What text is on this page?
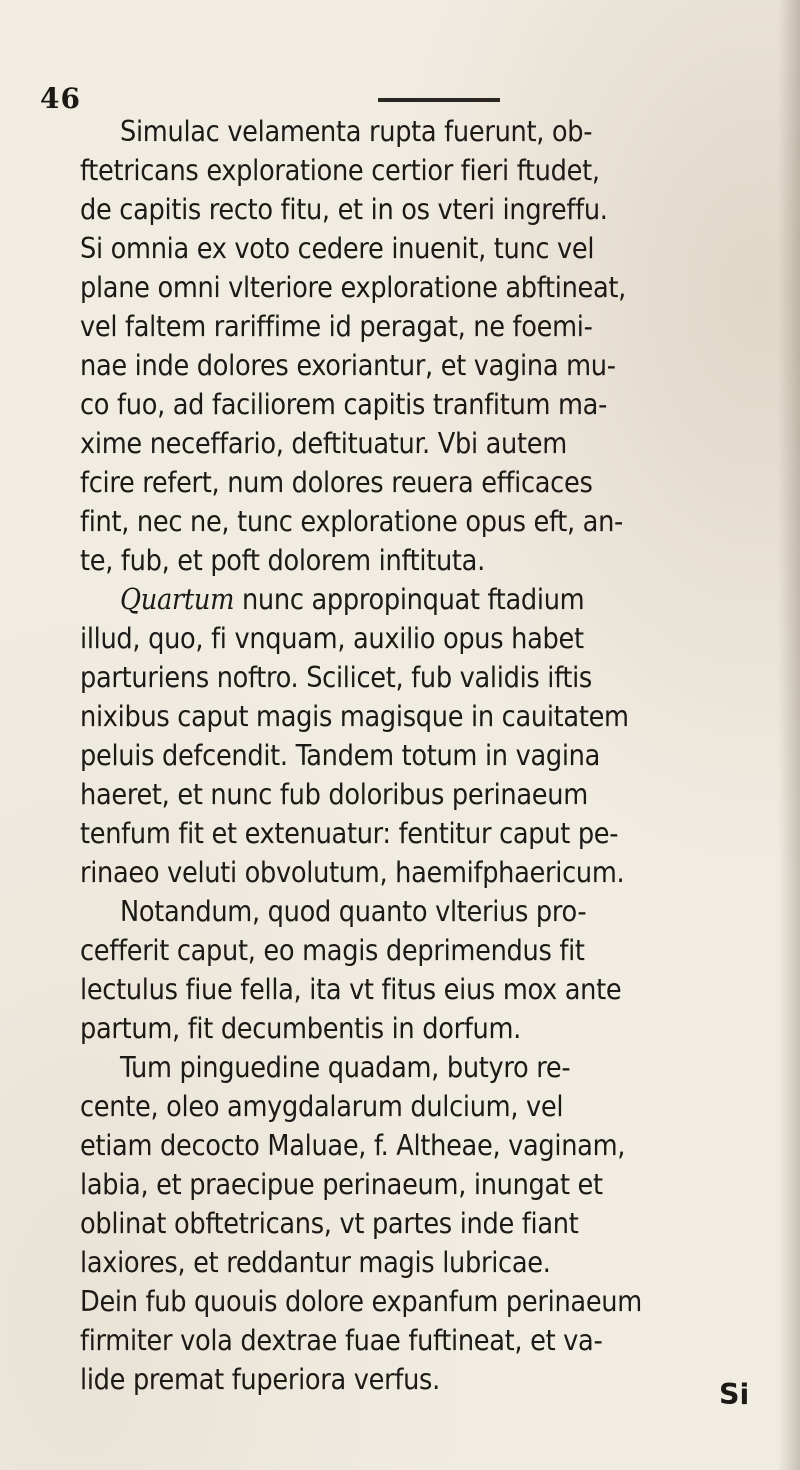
46
Simulac velamenta rupta fuerunt, ob-
ftetricans exploratione certior fieri ftudet,
de capitis recto fitu, et in os vteri ingreffu.
Si omnia ex voto cedere inuenit, tunc vel
plane omni vlteriore exploratione abftineat,
vel faltem rariffime id peragat, ne foemi-
nae inde dolores exoriantur, et vagina mu-
co fuo, ad faciliorem capitis tranfitum ma-
xime neceffario, deftituatur. Vbi autem
fcire refert, num dolores reuera efficaces
fint, nec ne, tunc exploratione opus eft, an-
te, fub, et poft dolorem inftituta.
Quartum nunc appropinquat ftadium
illud, quo, fi vnquam, auxilio opus habet
parturiens noftro. Scilicet, fub validis iftis
nixibus caput magis magisque in cauitatem
peluis defcendit. Tandem totum in vagina
haeret, et nunc fub doloribus perinaeum
tenfum fit et extenuatur: fentitur caput pe-
rinaeo veluti obvolutum, haemifphaericum.
Notandum, quod quanto vlterius pro-
cefferit caput, eo magis deprimendus fit
lectulus fiue fella, ita vt fitus eius mox ante
partum, fit decumbentis in dorfum.
Tum pinguedine quadam, butyro re-
cente, oleo amygdalarum dulcium, vel
etiam decocto Maluae, f. Altheae, vaginam,
labia, et praecipue perinaeum, inungat et
oblinat obftetricans, vt partes inde fiant
laxiores, et reddantur magis lubricae.
Dein fub quouis dolore expanfum perinaeum
firmiter vola dextrae fuae fuftineat, et va-
lide premat fuperiora verfus.	Si
